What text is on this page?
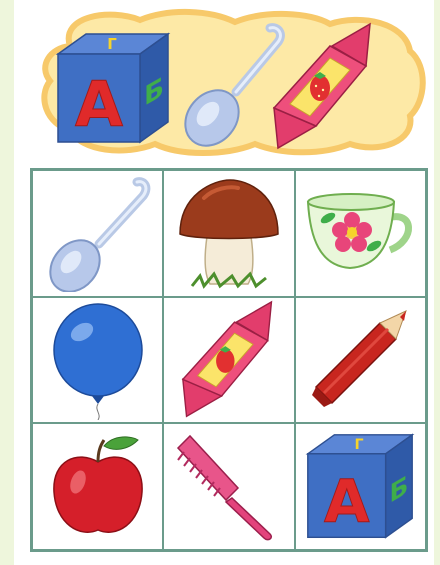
А Б
Г
А Б
Г
